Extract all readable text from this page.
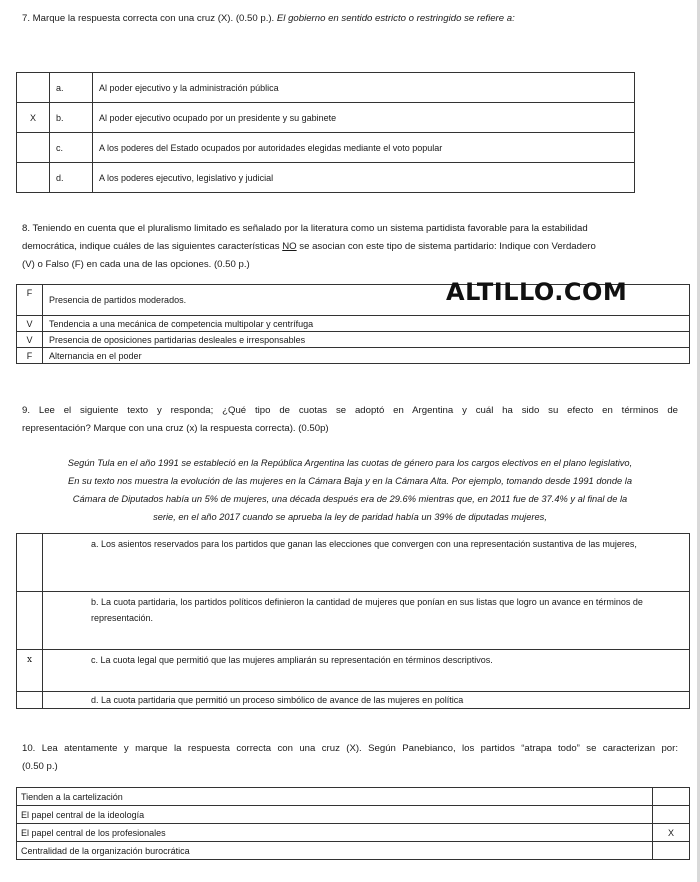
7. Marque la respuesta correcta con una cruz (X). (0.50 p.). El gobierno en sentido estricto o restringido se refiere a:
	a.	Al poder ejecutivo y la administración pública
X	b.	Al poder ejecutivo ocupado por un presidente y su gabinete
	c.	A los poderes del Estado ocupados por autoridades elegidas mediante el voto popular
	d.	A los poderes ejecutivo, legislativo y judicial
8. Teniendo en cuenta que el pluralismo limitado es señalado por la literatura como un sistema partidista favorable para la estabilidad
democrática, indique cuáles de las siguientes características NO se asocian con este tipo de sistema partidario: Indique con Verdadero
(V) o Falso (F) en cada una de las opciones. (0.50 p.)
F	Presencia de partidos moderados.
V	Tendencia a una mecánica de competencia multipolar y centrífuga
V	Presencia de oposiciones partidarias desleales e irresponsables
F	Alternancia en el poder
ALTILLO.COM
9. Lee el siguiente texto y responda; ¿Qué tipo de cuotas se adoptó en Argentina y cuál ha sido su efecto en términos de
representación? Marque con una cruz (x) la respuesta correcta). (0.50p)
Según Tula en el año 1991 se estableció en la República Argentina las cuotas de género para los cargos electivos en el plano legislativo,
En su texto nos muestra la evolución de las mujeres en la Cámara Baja y en la Cámara Alta. Por ejemplo, tomando desde 1991 donde la
Cámara de Diputados había un 5% de mujeres, una década después era de 29.6% mientras que, en 2011 fue de 37.4% y al final de la
serie, en el año 2017 cuando se aprueba la ley de paridad había un 39% de diputadas mujeres,
	a. Los asientos reservados para los partidos que ganan las elecciones que convergen con una representación sustantiva de las mujeres,
	b. La cuota partidaria, los partidos políticos definieron la cantidad de mujeres que ponían en sus listas que logro un avance en términos de representación.
x	c. La cuota legal que permitió que las mujeres ampliarán su representación en términos descriptivos.
	d. La cuota partidaria que permitió un proceso simbólico de avance de las mujeres en política
10. Lea atentamente y marque la respuesta correcta con una cruz (X). Según Panebianco, los partidos “atrapa todo” se caracterizan por:
(0.50 p.)
Tienden a la cartelización	
El papel central de la ideología	
El papel central de los profesionales	X
Centralidad de la organización burocrática	
